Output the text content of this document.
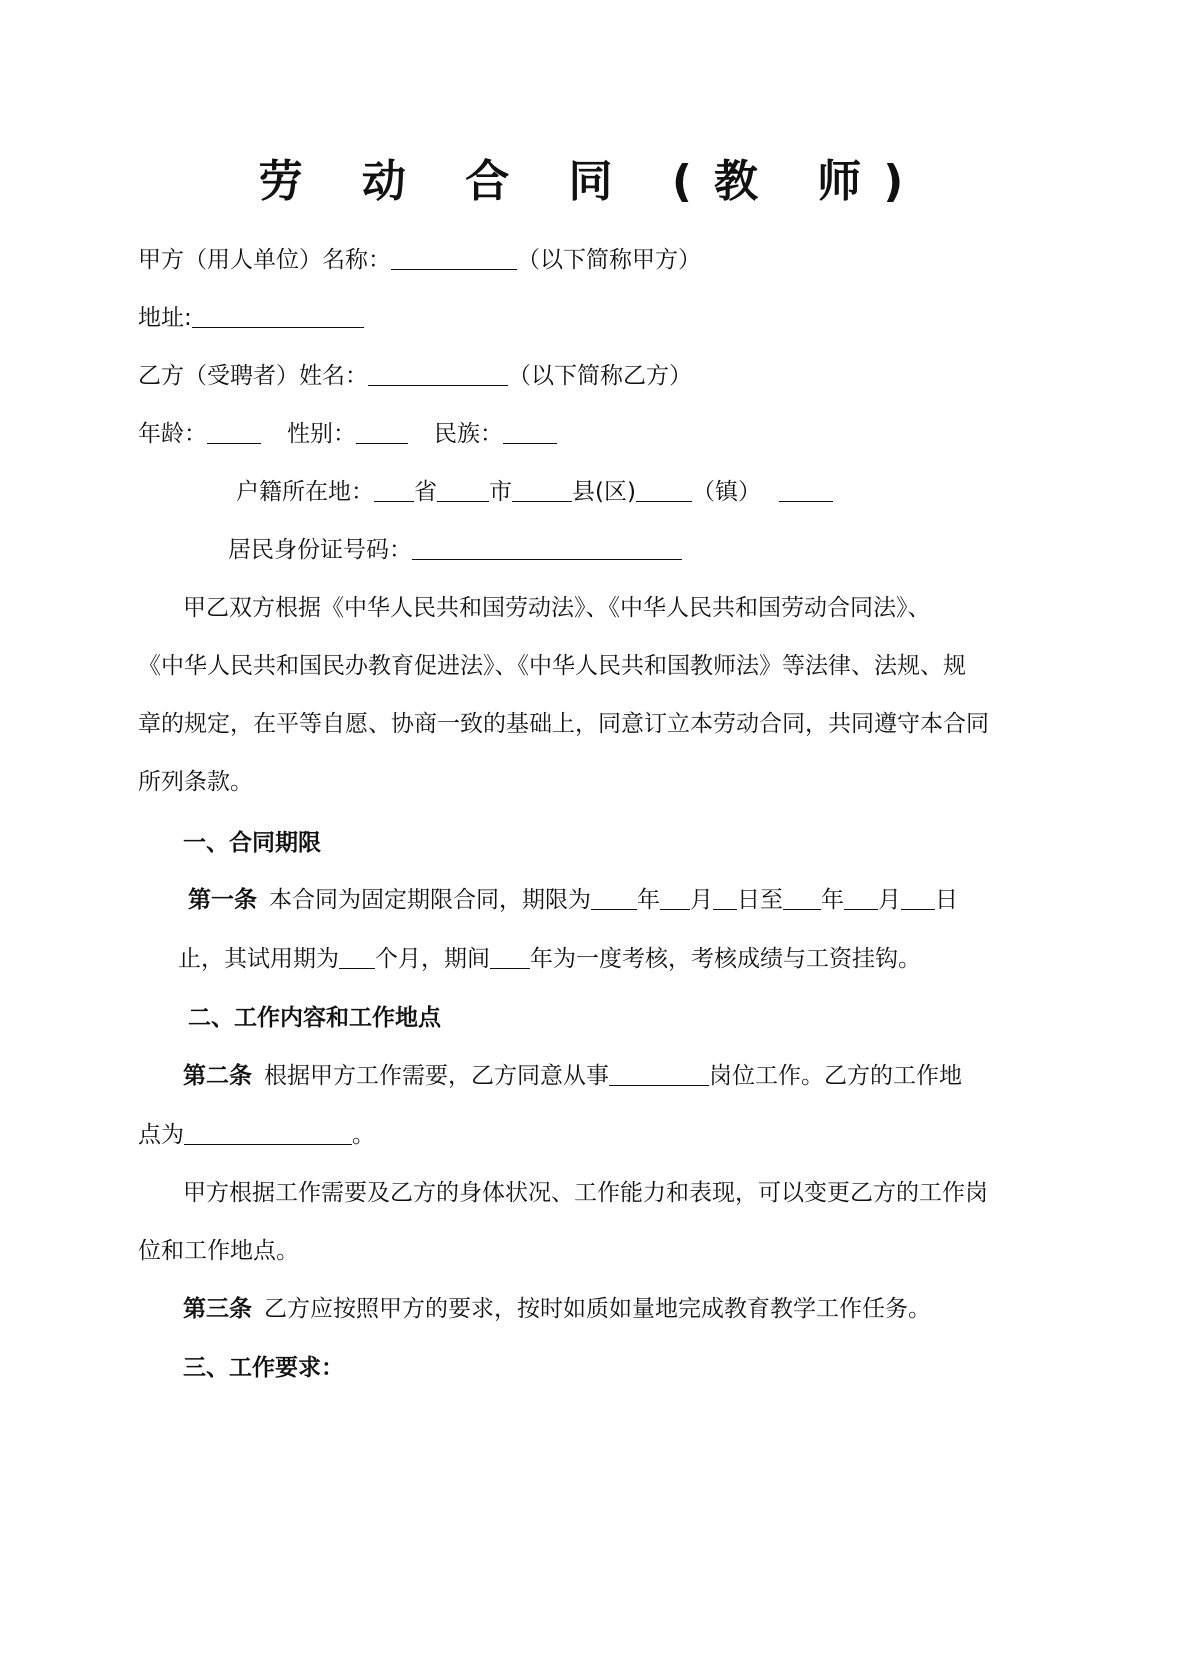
劳 动 合 同 (教 师)
甲方（用人单位）名称：	（以下简称甲方）
地址:
乙方（受聘者）姓名：	（以下简称乙方）
年龄：	性别：	民族：
户籍所在地： 省 市	县(区) （镇）
居民身份证号码：
甲乙双方根据《中华人民共和国劳动法》、《中华人民共和国劳动合同法》、
《中华人民共和国民办教育促进法》、《中华人民共和国教师法》等法律、法规、规
章的规定，在平等自愿、协商一致的基础上，同意订立本劳动合同，共同遵守本合同
所列条款。
一、合同期限
第一条 本合同为固定期限合同，期限为 年 月 日至 年 月 日
止，其试用期为 个月，期间 年为一度考核，考核成绩与工资挂钩。
二、工作内容和工作地点
第二条 根据甲方工作需要，乙方同意从事	岗位工作。乙方的工作地
点为	。
甲方根据工作需要及乙方的身体状况、工作能力和表现，可以变更乙方的工作岗
位和工作地点。
第三条 乙方应按照甲方的要求，按时如质如量地完成教育教学工作任务。
三、工作要求：
